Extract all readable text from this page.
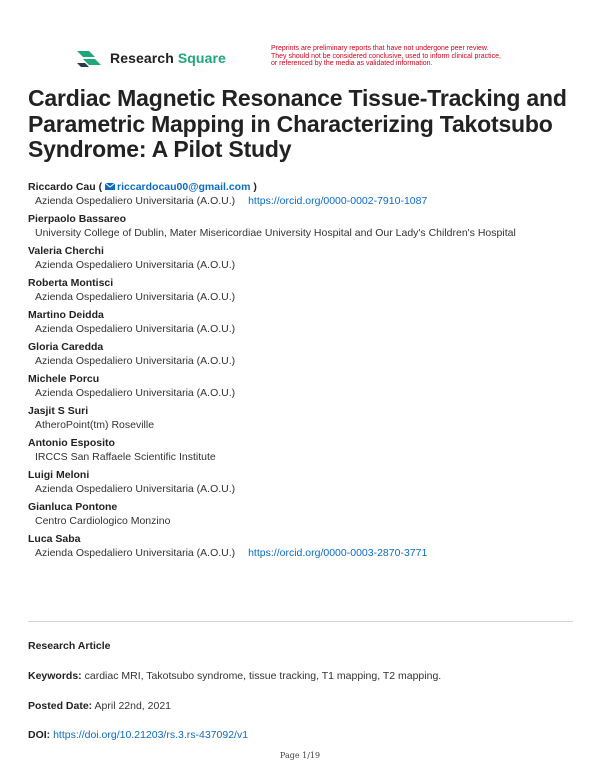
Research Square
Preprints are preliminary reports that have not undergone peer review.
They should not be considered conclusive, used to inform clinical practice,
or referenced by the media as validated information.
Cardiac Magnetic Resonance Tissue-Tracking and Parametric Mapping in Characterizing Takotsubo Syndrome: A Pilot Study
Riccardo Cau ( riccardocau00@gmail.com )
Azienda Ospedaliero Universitaria (A.O.U.) https://orcid.org/0000-0002-7910-1087
Pierpaolo Bassareo
University College of Dublin, Mater Misericordiae University Hospital and Our Lady's Children's Hospital
Valeria Cherchi
Azienda Ospedaliero Universitaria (A.O.U.)
Roberta Montisci
Azienda Ospedaliero Universitaria (A.O.U.)
Martino Deidda
Azienda Ospedaliero Universitaria (A.O.U.)
Gloria Caredda
Azienda Ospedaliero Universitaria (A.O.U.)
Michele Porcu
Azienda Ospedaliero Universitaria (A.O.U.)
Jasjit S Suri
AtheroPoint(tm) Roseville
Antonio Esposito
IRCCS San Raffaele Scientific Institute
Luigi Meloni
Azienda Ospedaliero Universitaria (A.O.U.)
Gianluca Pontone
Centro Cardiologico Monzino
Luca Saba
Azienda Ospedaliero Universitaria (A.O.U.) https://orcid.org/0000-0003-2870-3771
Research Article
Keywords: cardiac MRI, Takotsubo syndrome, tissue tracking, T1 mapping, T2 mapping.
Posted Date: April 22nd, 2021
DOI: https://doi.org/10.21203/rs.3.rs-437092/v1
Page 1/19
